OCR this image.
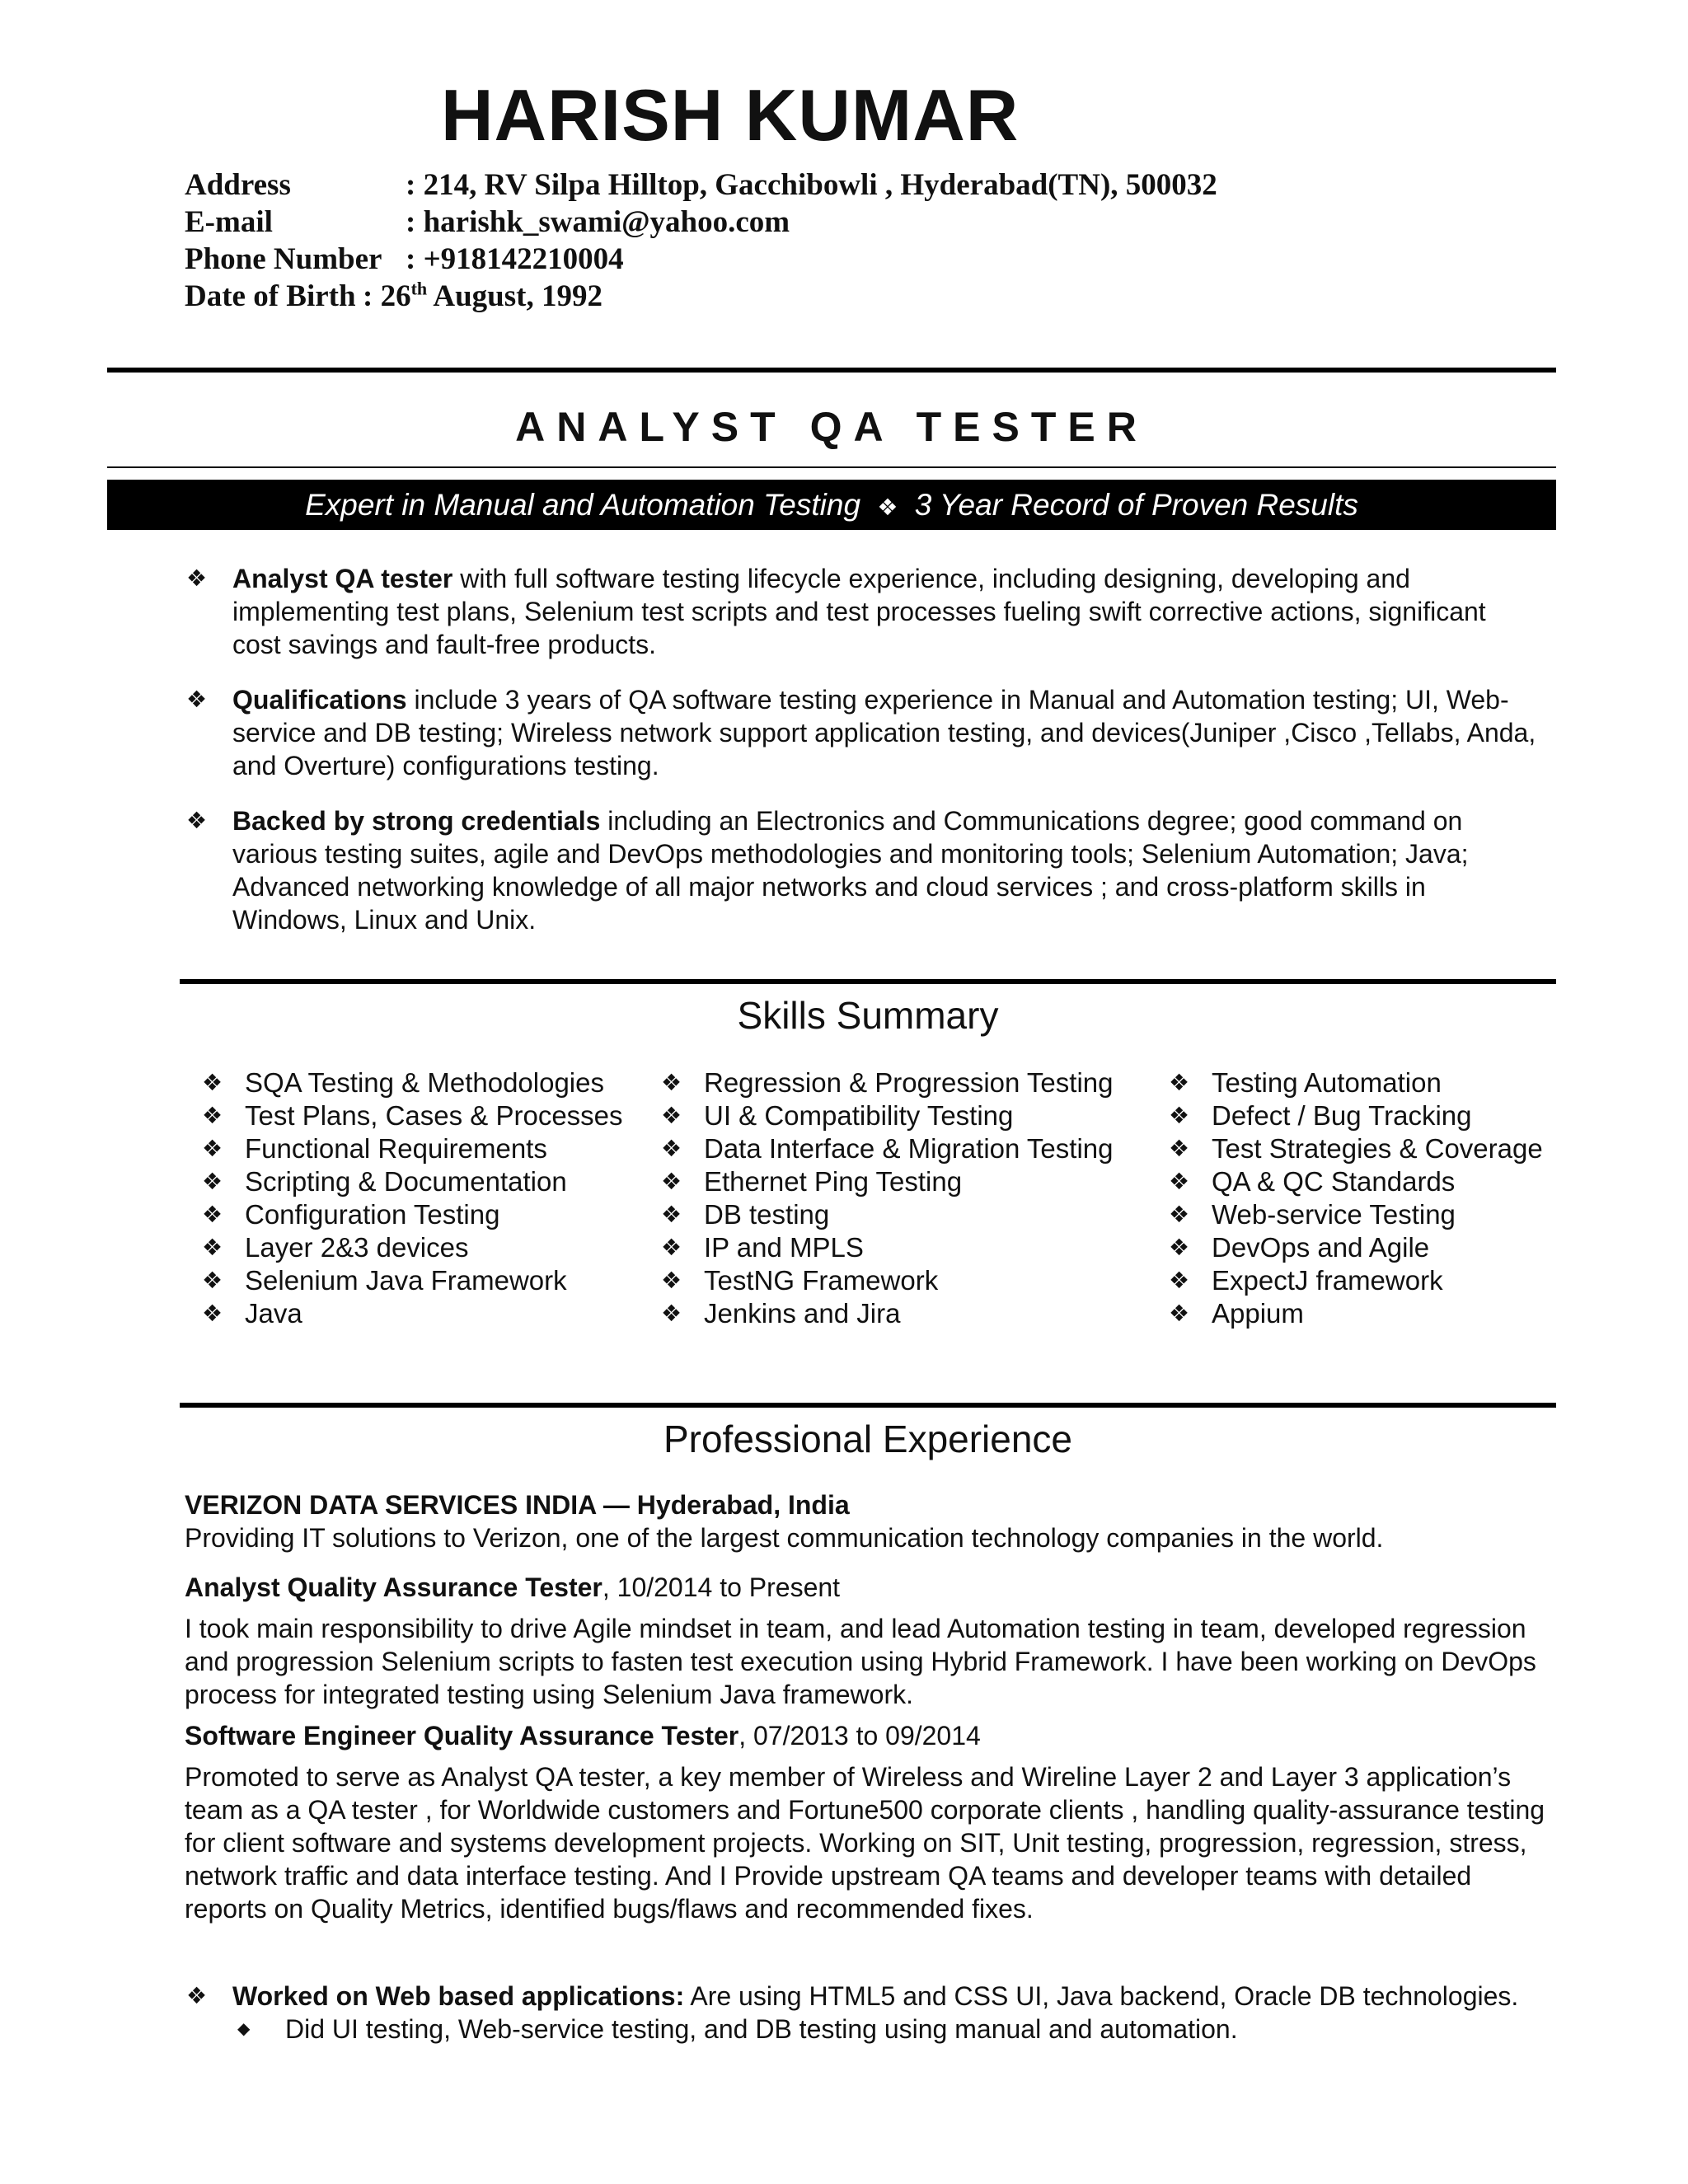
HARISH KUMAR
Address	: 214, RV Silpa Hilltop, Gacchibowli , Hyderabad(TN), 500032
E-mail	: harishk_swami@yahoo.com
Phone Number : +918142210004
Date of Birth : 26th August, 1992
ANALYST QA TESTER
Expert in Manual and Automation Testing ❖ 3 Year Record of Proven Results
❖ Analyst QA tester with full software testing lifecycle experience, including designing, developing and implementing test plans, Selenium test scripts and test processes fueling swift corrective actions, significant cost savings and fault-free products.
❖ Qualifications include 3 years of QA software testing experience in Manual and Automation testing; UI, Web-service and DB testing; Wireless network support application testing, and devices(Juniper ,Cisco ,Tellabs, Anda, and Overture) configurations testing.
❖ Backed by strong credentials including an Electronics and Communications degree; good command on various testing suites, agile and DevOps methodologies and monitoring tools; Selenium Automation; Java; Advanced networking knowledge of all major networks and cloud services ; and cross-platform skills in Windows, Linux and Unix.
Skills Summary
❖ SQA Testing & Methodologies
❖ Test Plans, Cases & Processes
❖ Functional Requirements
❖ Scripting & Documentation
❖ Configuration Testing
❖ Layer 2&3 devices
❖ Selenium Java Framework
❖ Java
❖ Regression & Progression Testing
❖ UI & Compatibility Testing
❖ Data Interface & Migration Testing
❖ Ethernet Ping Testing
❖ DB testing
❖ IP and MPLS
❖ TestNG Framework
❖ Jenkins and Jira
❖ Testing Automation
❖ Defect / Bug Tracking
❖ Test Strategies & Coverage
❖ QA & QC Standards
❖ Web-service Testing
❖ DevOps and Agile
❖ ExpectJ framework
❖ Appium
Professional Experience
VERIZON DATA SERVICES INDIA — Hyderabad, India
Providing IT solutions to Verizon, one of the largest communication technology companies in the world.
Analyst Quality Assurance Tester, 10/2014 to Present
I took main responsibility to drive Agile mindset in team, and lead Automation testing in team, developed regression and progression Selenium scripts to fasten test execution using Hybrid Framework. I have been working on DevOps process for integrated testing using Selenium Java framework.
Software Engineer Quality Assurance Tester, 07/2013 to 09/2014
Promoted to serve as Analyst QA tester, a key member of Wireless and Wireline Layer 2 and Layer 3 application’s team as a QA tester , for Worldwide customers and Fortune500 corporate clients , handling quality-assurance testing for client software and systems development projects. Working on SIT, Unit testing, progression, regression, stress, network traffic and data interface testing. And I Provide upstream QA teams and developer teams with detailed reports on Quality Metrics, identified bugs/flaws and recommended fixes.
❖ Worked on Web based applications: Are using HTML5 and CSS UI, Java backend, Oracle DB technologies.
◆ Did UI testing, Web-service testing, and DB testing using manual and automation.
